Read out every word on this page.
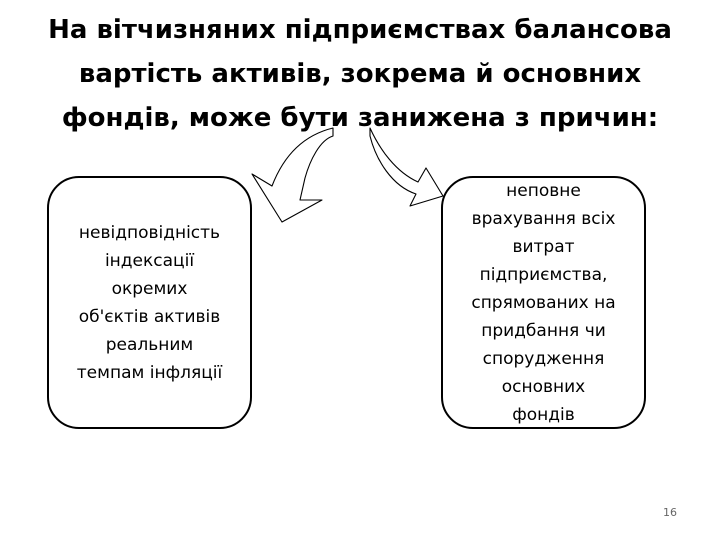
На вітчизняних підприємствах балансова
вартість активів, зокрема й основних
фондів, може бути занижена з причин:
невідповідність
індексації
окремих
об'єктів активів
реальним
темпам інфляції
неповне
врахування всіх
витрат
підприємства,
спрямованих на
придбання чи
спорудження
основних
фондів
16
